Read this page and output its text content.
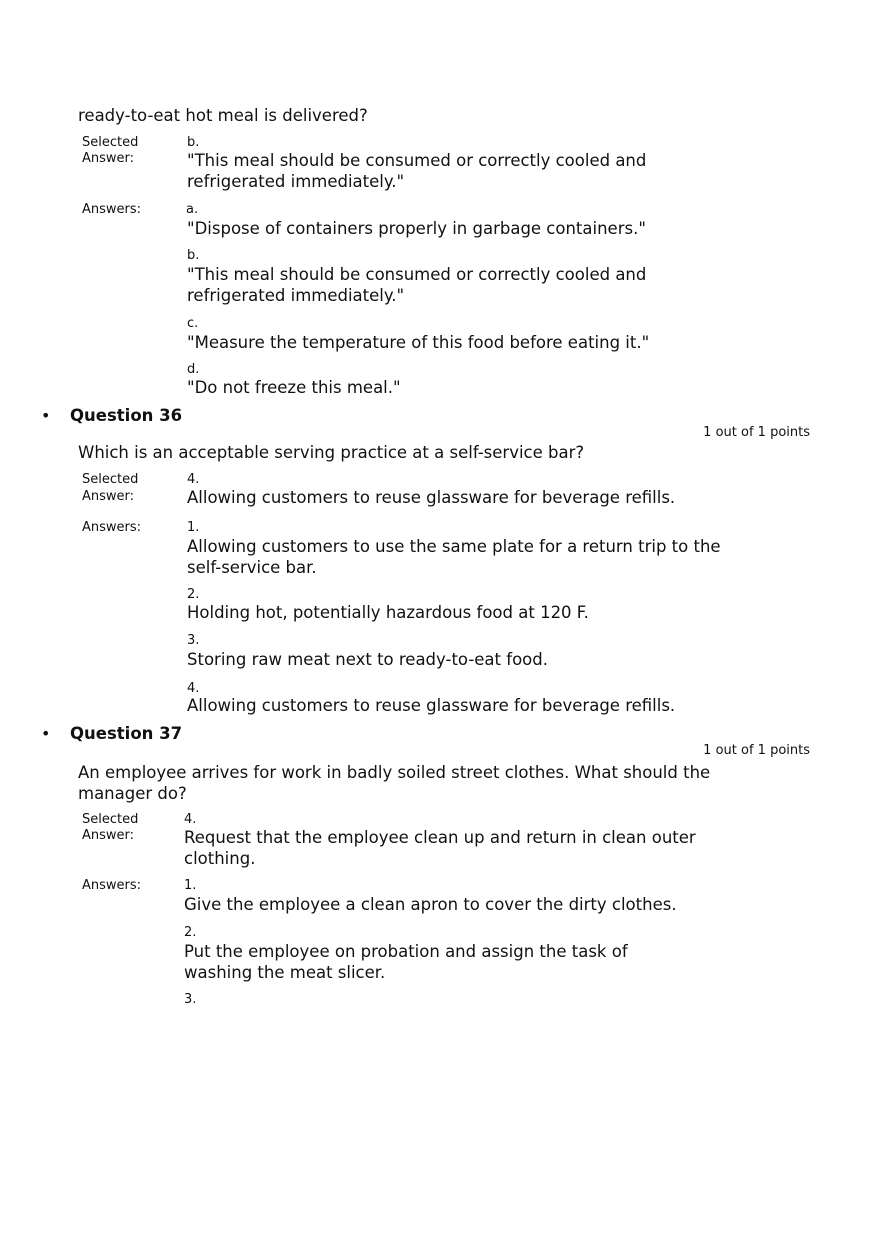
ready-to-eat hot meal is delivered?
Selected
Answer:
b.
"This meal should be consumed or correctly cooled and refrigerated immediately."
Answers:	a.
"Dispose of containers properly in garbage containers."
b.
"This meal should be consumed or correctly cooled and refrigerated immediately."
c.
"Measure the temperature of this food before eating it."
d.
"Do not freeze this meal."
• Question 36
1 out of 1 points
Which is an acceptable serving practice at a self-service bar?
Selected
Answer:
4.
Allowing customers to reuse glassware for beverage refills.
Answers:	1.
Allowing customers to use the same plate for a return trip to the self-service bar.
2.
Holding hot, potentially hazardous food at 120 F.
3.
Storing raw meat next to ready-to-eat food.
4.
Allowing customers to reuse glassware for beverage refills.
• Question 37
1 out of 1 points
An employee arrives for work in badly soiled street clothes. What should the manager do?
Selected
Answer:
4.
Request that the employee clean up and return in clean outer clothing.
Answers:	1.
Give the employee a clean apron to cover the dirty clothes.
2.
Put the employee on probation and assign the task of washing the meat slicer.
3.
